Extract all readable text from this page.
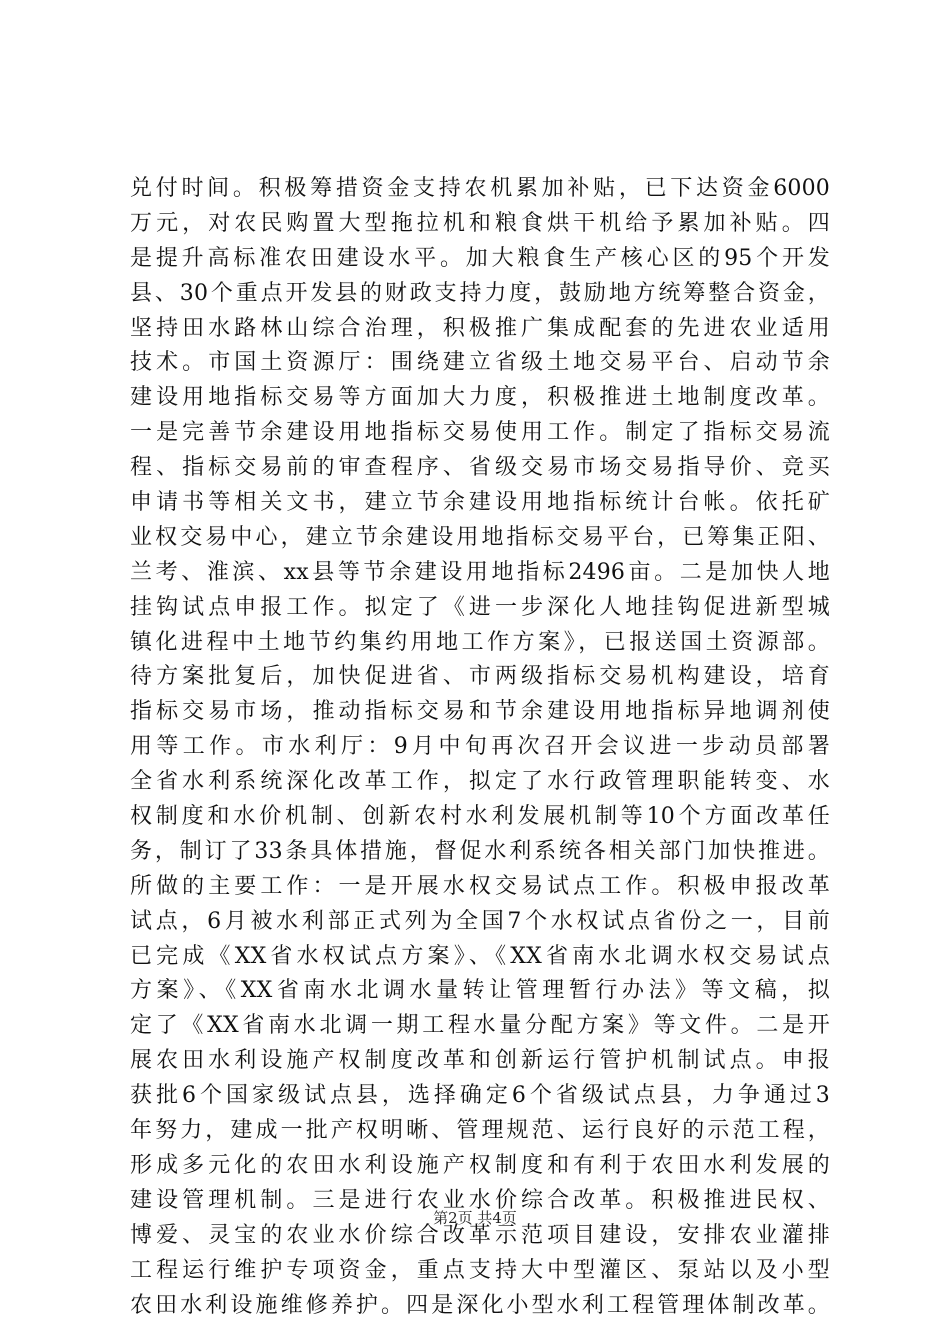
兑付时间。积极筹措资金支持农机累加补贴，已下达资金6000
万元，对农民购置大型拖拉机和粮食烘干机给予累加补贴。四
是提升高标准农田建设水平。加大粮食生产核心区的95个开发
县、30个重点开发县的财政支持力度，鼓励地方统筹整合资金，
坚持田水路林山综合治理，积极推广集成配套的先进农业适用
技术。市国土资源厅：围绕建立省级土地交易平台、启动节余
建设用地指标交易等方面加大力度，积极推进土地制度改革。
一是完善节余建设用地指标交易使用工作。制定了指标交易流
程、指标交易前的审查程序、省级交易市场交易指导价、竞买
申请书等相关文书，建立节余建设用地指标统计台帐。依托矿
业权交易中心，建立节余建设用地指标交易平台，已筹集正阳、
兰考、淮滨、xx县等节余建设用地指标2496亩。二是加快人地
挂钩试点申报工作。拟定了《进一步深化人地挂钩促进新型城
镇化进程中土地节约集约用地工作方案》，已报送国土资源部。
待方案批复后，加快促进省、市两级指标交易机构建设，培育
指标交易市场，推动指标交易和节余建设用地指标异地调剂使
用等工作。市水利厅：9月中旬再次召开会议进一步动员部署
全省水利系统深化改革工作，拟定了水行政管理职能转变、水
权制度和水价机制、创新农村水利发展机制等10个方面改革任
务，制订了33条具体措施，督促水利系统各相关部门加快推进。
所做的主要工作：一是开展水权交易试点工作。积极申报改革
试点，6月被水利部正式列为全国7个水权试点省份之一，目前
已完成《XX省水权试点方案》、《XX省南水北调水权交易试点
方案》、《XX省南水北调水量转让管理暂行办法》等文稿，拟
定了《XX省南水北调一期工程水量分配方案》等文件。二是开
展农田水利设施产权制度改革和创新运行管护机制试点。申报
获批6个国家级试点县，选择确定6个省级试点县，力争通过3
年努力，建成一批产权明晰、管理规范、运行良好的示范工程，
形成多元化的农田水利设施产权制度和有利于农田水利发展的
建设管理机制。三是进行农业水价综合改革。积极推进民权、
博爱、灵宝的农业水价综合改革示范项目建设，安排农业灌排
工程运行维护专项资金，重点支持大中型灌区、泵站以及小型
农田水利设施维修养护。四是深化小型水利工程管理体制改革。
第2页 共4页
